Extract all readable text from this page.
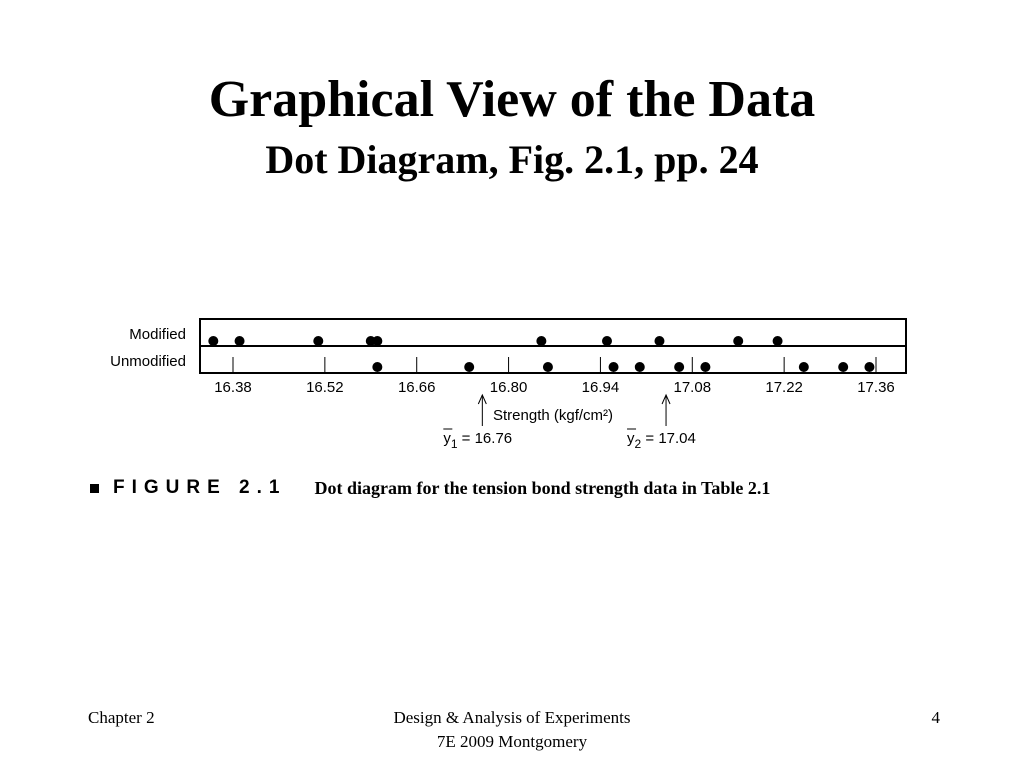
Graphical View of the Data
Dot Diagram, Fig. 2.1, pp. 24
Modified
Unmodified
Strength (kgf/cm²)
16.38	16.52	16.66	16.80	16.94	17.08	17.22	17.36
$y_1 = 16.76$	$y_2 = 17.04$
FIGURE 2.1 Dot diagram for the tension bond strength data in Table 2.1
Chapter 2	Design & Analysis of Experiments
7E 2009 Montgomery
4
